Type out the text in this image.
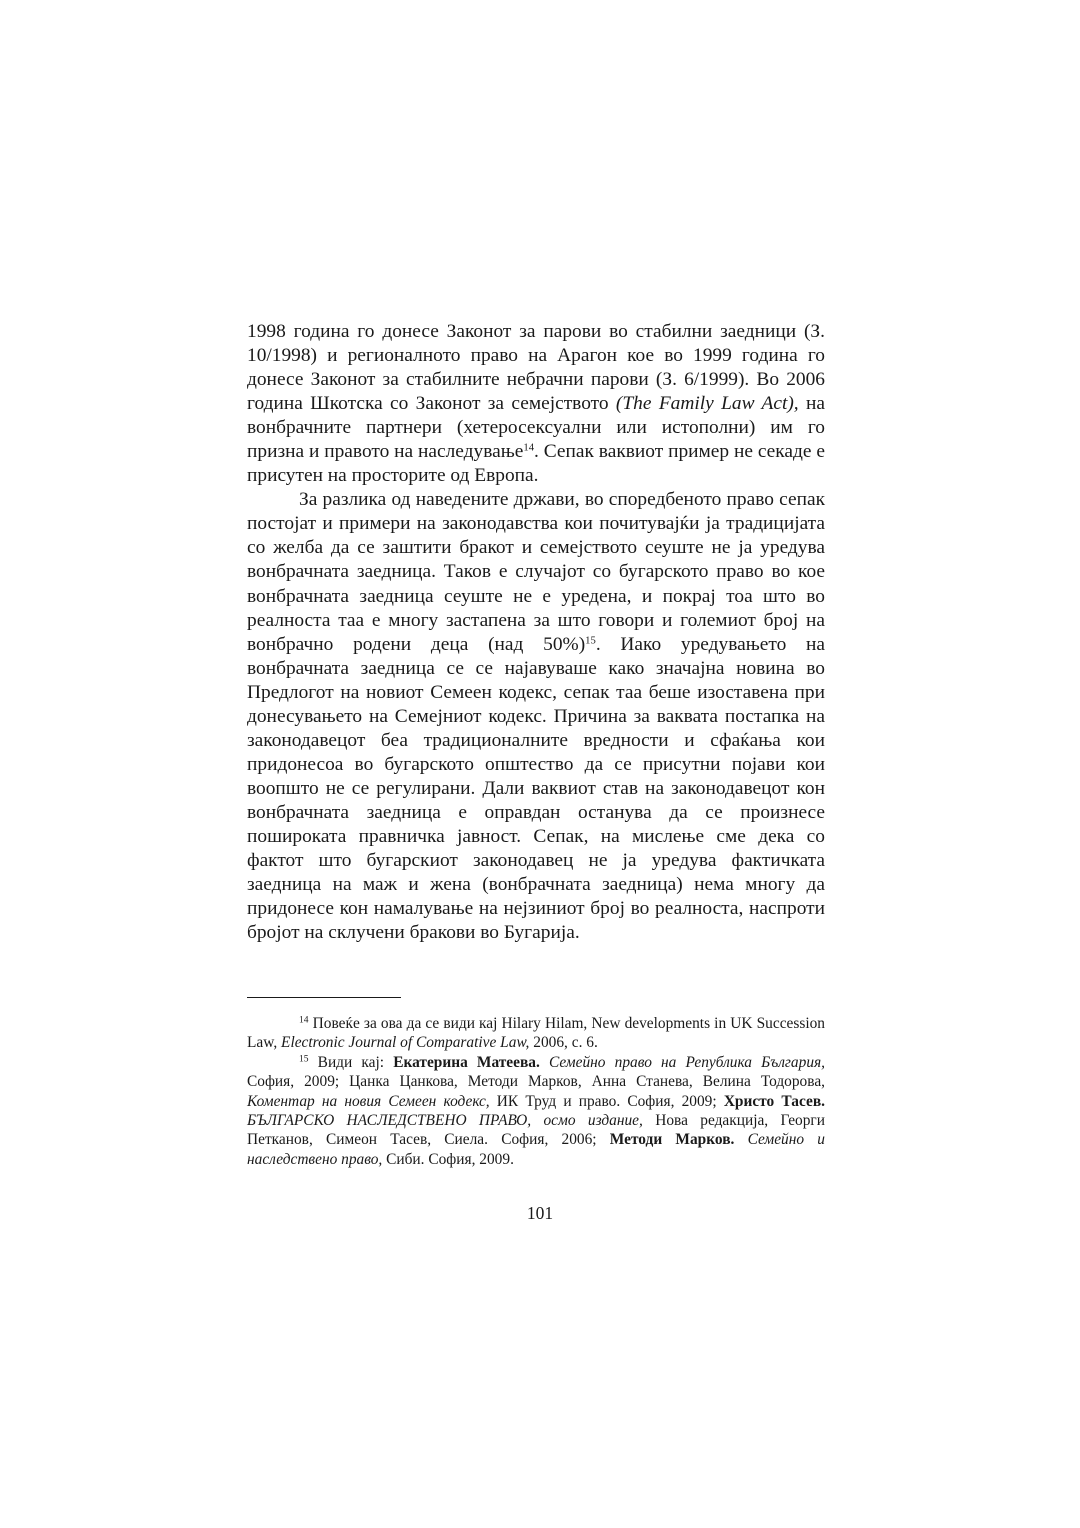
1998 година го донесе Законот за парови во стабилни заедници (З. 10/1998) и регионалното право на Арагон кое во 1999 година го донесе Законот за стабилните небрачни парови (З. 6/1999). Во 2006 година Шкотска со Законот за семејството (The Family Law Act), на вонбрачните партнери (хетеросексуални или истополни) им го призна и правото на наследување$^{14}$. Сепак ваквиот пример не секаде е присутен на просторите од Европа.

За разлика од наведените држави, во споредбеното право сепак постојат и примери на законодавства кои почитувајќи ја традицијата со желба да се заштити бракот и семејството сеуште не ја уредува вонбрачната заедница. Таков е случајот со бугарското право во кое вонбрачната заедница сеуште не е уредена, и покрај тоа што во реалноста таа е многу застапена за што говори и големиот број на вонбрачно родени деца (над 50%)$^{15}$. Иако уредувањето на вонбрачната заедница се се најавуваше како значајна новина во Предлогот на новиот Семеен кодекс, сепак таа беше изоставена при донесувањето на Семејниот кодекс. Причина за ваквата постапка на законодавецот беа традиционалните вредности и сфаќања кои придонесоа во бугарското општество да се присутни појави кои воопшто не се регулирани. Дали ваквиот став на законодавецот кон вонбрачната заедница е оправдан останува да се произнесе пошироката правничка јавност. Сепак, на мислење сме дека со фактот што бугарскиот законодавец не ја уредува фактичката заедница на маж и жена (вонбрачната заедница) нема многу да придонесе кон намалување на нејзиниот број во реалноста, наспроти бројот на склучени бракови во Бугарија.

$^{14}$ Повеќе за ова да се види кај Hilary Hilam, New developments in UK Succession Law, Electronic Journal of Comparative Law, 2006, с. 6.

$^{15}$ Види кај: Екатерина Матеева. Семейно право на Република България, София, 2009; Цанка Цанкова, Методи Марков, Анна Станева, Велина Тодорова, Коментар на новия Семеен кодекс, ИК Труд и право. София, 2009; Христо Тасев. БЪЛГАРСКО НАСЛЕДСТВЕНО ПРАВО, осмо издание, Нова редакција, Георги Петканов, Симеон Тасев, Сиела. София, 2006; Методи Марков. Семейно и наследствено право, Сиби. София, 2009.

101
